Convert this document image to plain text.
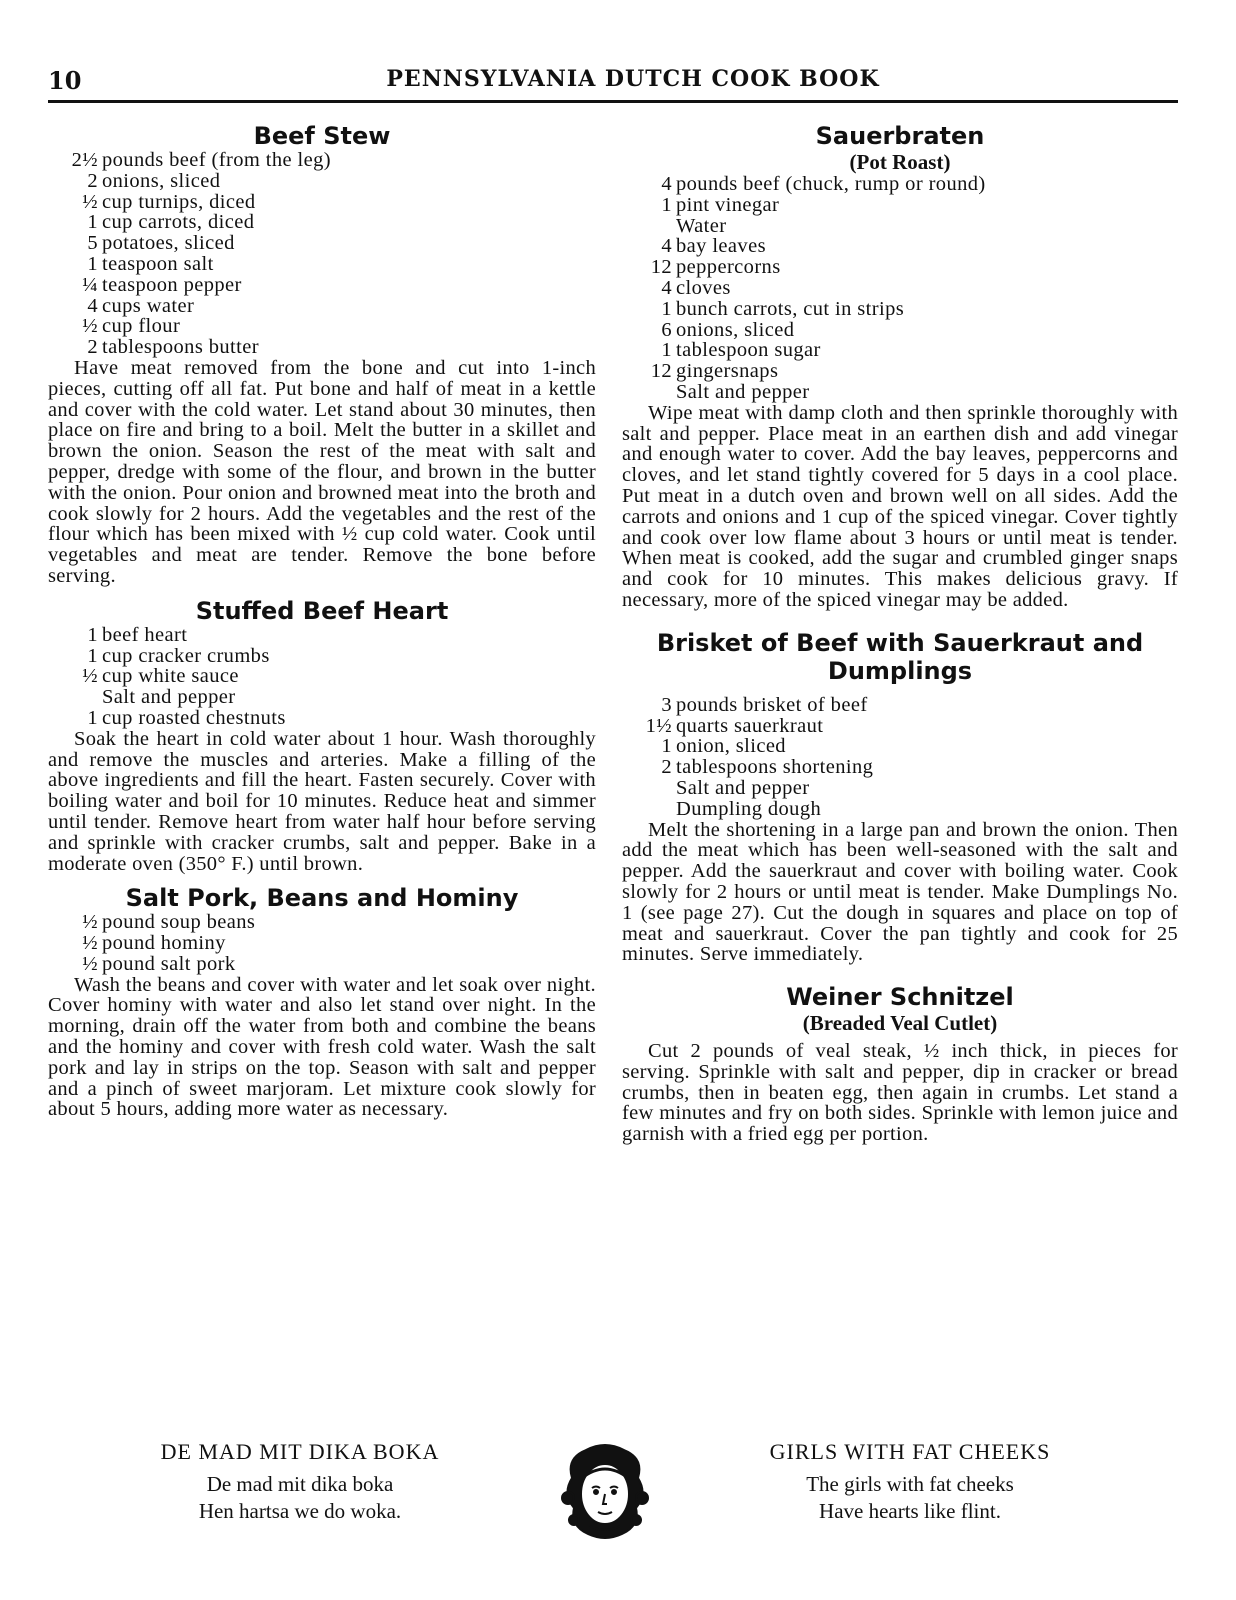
10	PENNSYLVANIA DUTCH COOK BOOK
Beef Stew
2½ pounds beef (from the leg)
2 onions, sliced
½ cup turnips, diced
1 cup carrots, diced
5 potatoes, sliced
1 teaspoon salt
¼ teaspoon pepper
4 cups water
½ cup flour
2 tablespoons butter

Have meat removed from the bone and cut into 1-inch pieces, cutting off all fat. Put bone and half of meat in a kettle and cover with the cold water. Let stand about 30 minutes, then place on fire and bring to a boil. Melt the butter in a skillet and brown the onion. Season the rest of the meat with salt and pepper, dredge with some of the flour, and brown in the butter with the onion. Pour onion and browned meat into the broth and cook slowly for 2 hours. Add the vegetables and the rest of the flour which has been mixed with ½ cup cold water. Cook until vegetables and meat are tender. Remove the bone before serving.

Stuffed Beef Heart
1 beef heart
1 cup cracker crumbs
½ cup white sauce
Salt and pepper
1 cup roasted chestnuts

Soak the heart in cold water about 1 hour. Wash thoroughly and remove the muscles and arteries. Make a filling of the above ingredients and fill the heart. Fasten securely. Cover with boiling water and boil for 10 minutes. Reduce heat and simmer until tender. Remove heart from water half hour before serving and sprinkle with cracker crumbs, salt and pepper. Bake in a moderate oven (350° F.) until brown.

Salt Pork, Beans and Hominy
½ pound soup beans
½ pound hominy
½ pound salt pork

Wash the beans and cover with water and let soak over night. Cover hominy with water and also let stand over night. In the morning, drain off the water from both and combine the beans and the hominy and cover with fresh cold water. Wash the salt pork and lay in strips on the top. Season with salt and pepper and a pinch of sweet marjoram. Let mixture cook slowly for about 5 hours, adding more water as necessary.

Sauerbraten
(Pot Roast)
4 pounds beef (chuck, rump or round)
1 pint vinegar
Water
4 bay leaves
12 peppercorns
4 cloves
1 bunch carrots, cut in strips
6 onions, sliced
1 tablespoon sugar
12 gingersnaps
Salt and pepper

Wipe meat with damp cloth and then sprinkle thoroughly with salt and pepper. Place meat in an earthen dish and add vinegar and enough water to cover. Add the bay leaves, peppercorns and cloves, and let stand tightly covered for 5 days in a cool place. Put meat in a dutch oven and brown well on all sides. Add the carrots and onions and 1 cup of the spiced vinegar. Cover tightly and cook over low flame about 3 hours or until meat is tender. When meat is cooked, add the sugar and crumbled ginger snaps and cook for 10 minutes. This makes delicious gravy. If necessary, more of the spiced vinegar may be added.

Brisket of Beef with Sauerkraut and Dumplings
3 pounds brisket of beef
1½ quarts sauerkraut
1 onion, sliced
2 tablespoons shortening
Salt and pepper
Dumpling dough

Melt the shortening in a large pan and brown the onion. Then add the meat which has been well-seasoned with the salt and pepper. Add the sauerkraut and cover with boiling water. Cook slowly for 2 hours or until meat is tender. Make Dumplings No. 1 (see page 27). Cut the dough in squares and place on top of meat and sauerkraut. Cover the pan tightly and cook for 25 minutes. Serve immediately.

Weiner Schnitzel
(Breaded Veal Cutlet)

Cut 2 pounds of veal steak, ½ inch thick, in pieces for serving. Sprinkle with salt and pepper, dip in cracker or bread crumbs, then in beaten egg, then again in crumbs. Let stand a few minutes and fry on both sides. Sprinkle with lemon juice and garnish with a fried egg per portion.

DE MAD MIT DIKA BOKA
De mad mit dika boka
Hen hartsa we do woka.
GIRLS WITH FAT CHEEKS
The girls with fat cheeks
Have hearts like flint.
